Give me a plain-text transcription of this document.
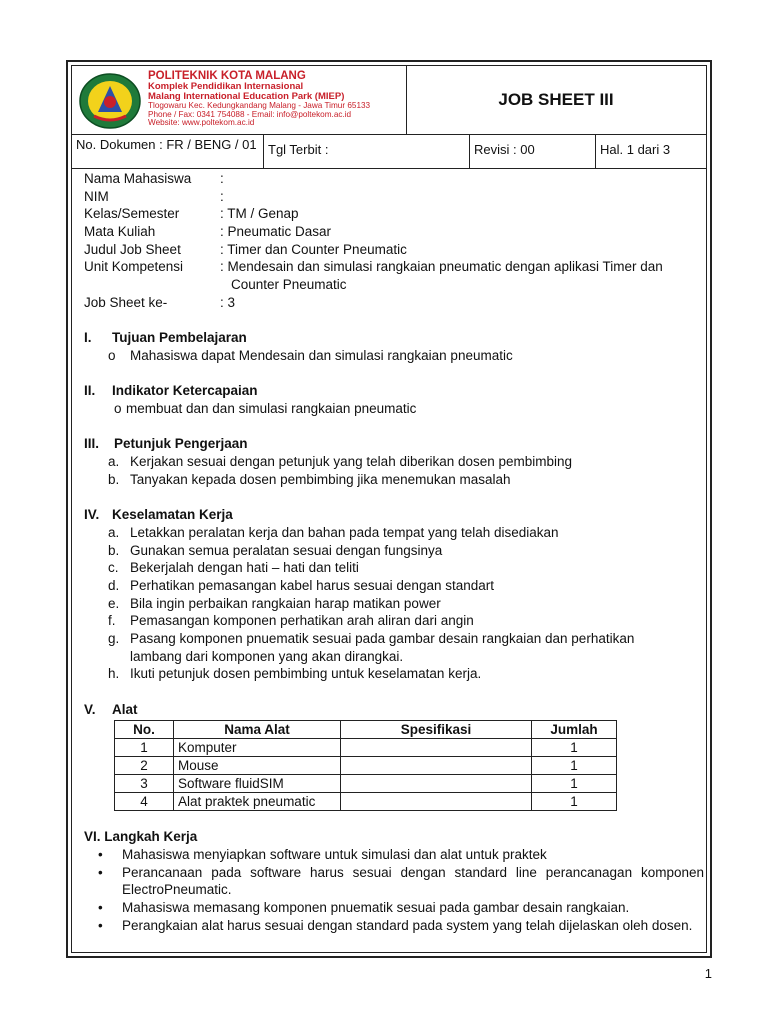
POLITEKNIK KOTA MALANG
Komplek Pendidikan Internasional
Malang International Education Park (MIEP)
Tlogowaru Kec. Kedungkandang Malang - Jawa Timur 65133
Phone / Fax: 0341 754088 - Email: info@poltekom.ac.id
Website: www.poltekom.ac.id
JOB SHEET III
No. Dokumen : FR / BENG / 01 Tgl Terbit :	Revisi : 00	Hal. 1 dari 3
Nama Mahasiswa :
NIM	:
Kelas/Semester	: TM / Genap
Mata Kuliah	: Pneumatic Dasar
Judul Job Sheet	: Timer dan Counter Pneumatic
Unit Kompetensi	: Mendesain dan simulasi rangkaian pneumatic dengan aplikasi Timer dan
Counter Pneumatic
Job Sheet ke-	: 3
I. Tujuan Pembelajaran
o Mahasiswa dapat Mendesain dan simulasi rangkaian pneumatic
II. Indikator Ketercapaian
o membuat dan dan simulasi rangkaian pneumatic
III. Petunjuk Pengerjaan
a. Kerjakan sesuai dengan petunjuk yang telah diberikan dosen pembimbing
b. Tanyakan kepada dosen pembimbing jika menemukan masalah
IV. Keselamatan Kerja
a. Letakkan peralatan kerja dan bahan pada tempat yang telah disediakan
b. Gunakan semua peralatan sesuai dengan fungsinya
c. Bekerjalah dengan hati – hati dan teliti
d. Perhatikan pemasangan kabel harus sesuai dengan standart
e. Bila ingin perbaikan rangkaian harap matikan power
f. Pemasangan komponen perhatikan arah aliran dari angin
g. Pasang komponen pnuematik sesuai pada gambar desain rangkaian dan perhatikan lambang dari komponen yang akan dirangkai.
h. Ikuti petunjuk dosen pembimbing untuk keselamatan kerja.
V. Alat
No.	Nama Alat	Spesifikasi	Jumlah
1	Komputer		1
2	Mouse		1
3	Software fluidSIM		1
4	Alat praktek pneumatic		1
VI. Langkah Kerja
• Mahasiswa menyiapkan software untuk simulasi dan alat untuk praktek
• Perancanaan pada software harus sesuai dengan standard line perancanagan komponen ElectroPneumatic.
• Mahasiswa memasang komponen pnuematik sesuai pada gambar desain rangkaian.
• Perangkaian alat harus sesuai dengan standard pada system yang telah dijelaskan oleh dosen.
1
